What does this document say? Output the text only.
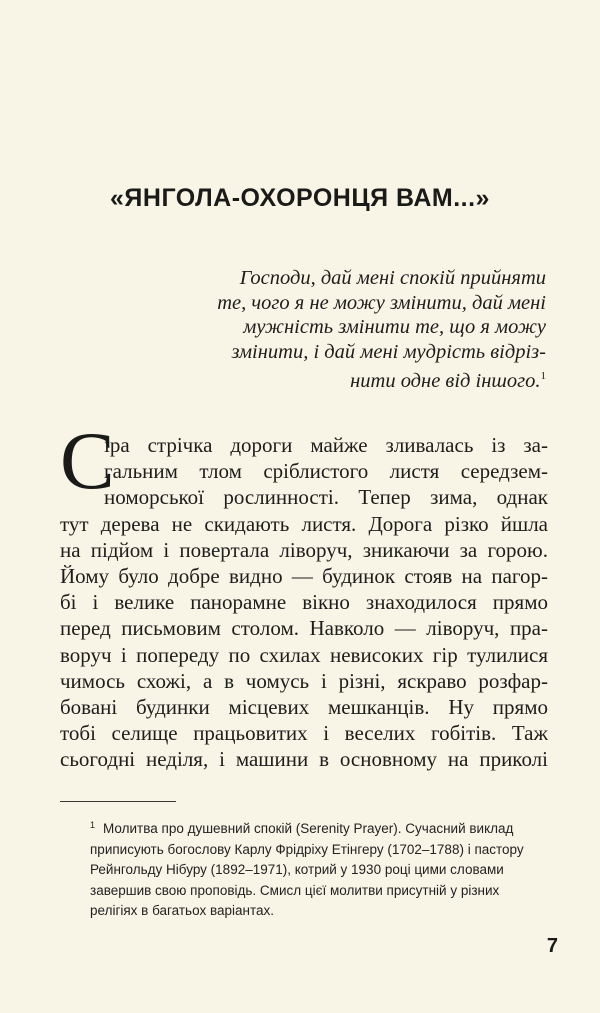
«ЯНГОЛА-ОХОРОНЦЯ ВАМ...»
Господи, дай мені спокій прийняти
те, чого я не можу змінити, дай мені
мужність змінити те, що я можу
змінити, і дай мені мудрість відріз-
нити одне від іншого.$^1$
С
іра стрічка дороги майже зливалась із за-
гальним тлом сріблистого листя середзем-
номорської рослинності. Тепер зима, однак
тут дерева не скидають листя. Дорога різко йшла
на підйом і повертала ліворуч, зникаючи за горою.
Йому було добре видно — будинок стояв на пагор-
бі і велике панорамне вікно знаходилося прямо
перед письмовим столом. Навколо — ліворуч, пра-
воруч і попереду по схилах невисоких гір тулилися
чимось схожі, а в чомусь і різні, яскраво розфар-
бовані будинки місцевих мешканців. Ну прямо
тобі селище працьовитих і веселих гобітів. Таж
сьогодні неділя, і машини в основному на приколі
$^1$ Молитва про душевний спокій (Serenity Prayer). Сучасний виклад
приписують богослову Карлу Фрідріху Етінгеру (1702–1788) і пастору
Рейнгольду Нібуру (1892–1971), котрий у 1930 році цими словами
завершив свою проповідь. Смисл цієї молитви присутній у різних
релігіях в багатьох варіантах.
7
